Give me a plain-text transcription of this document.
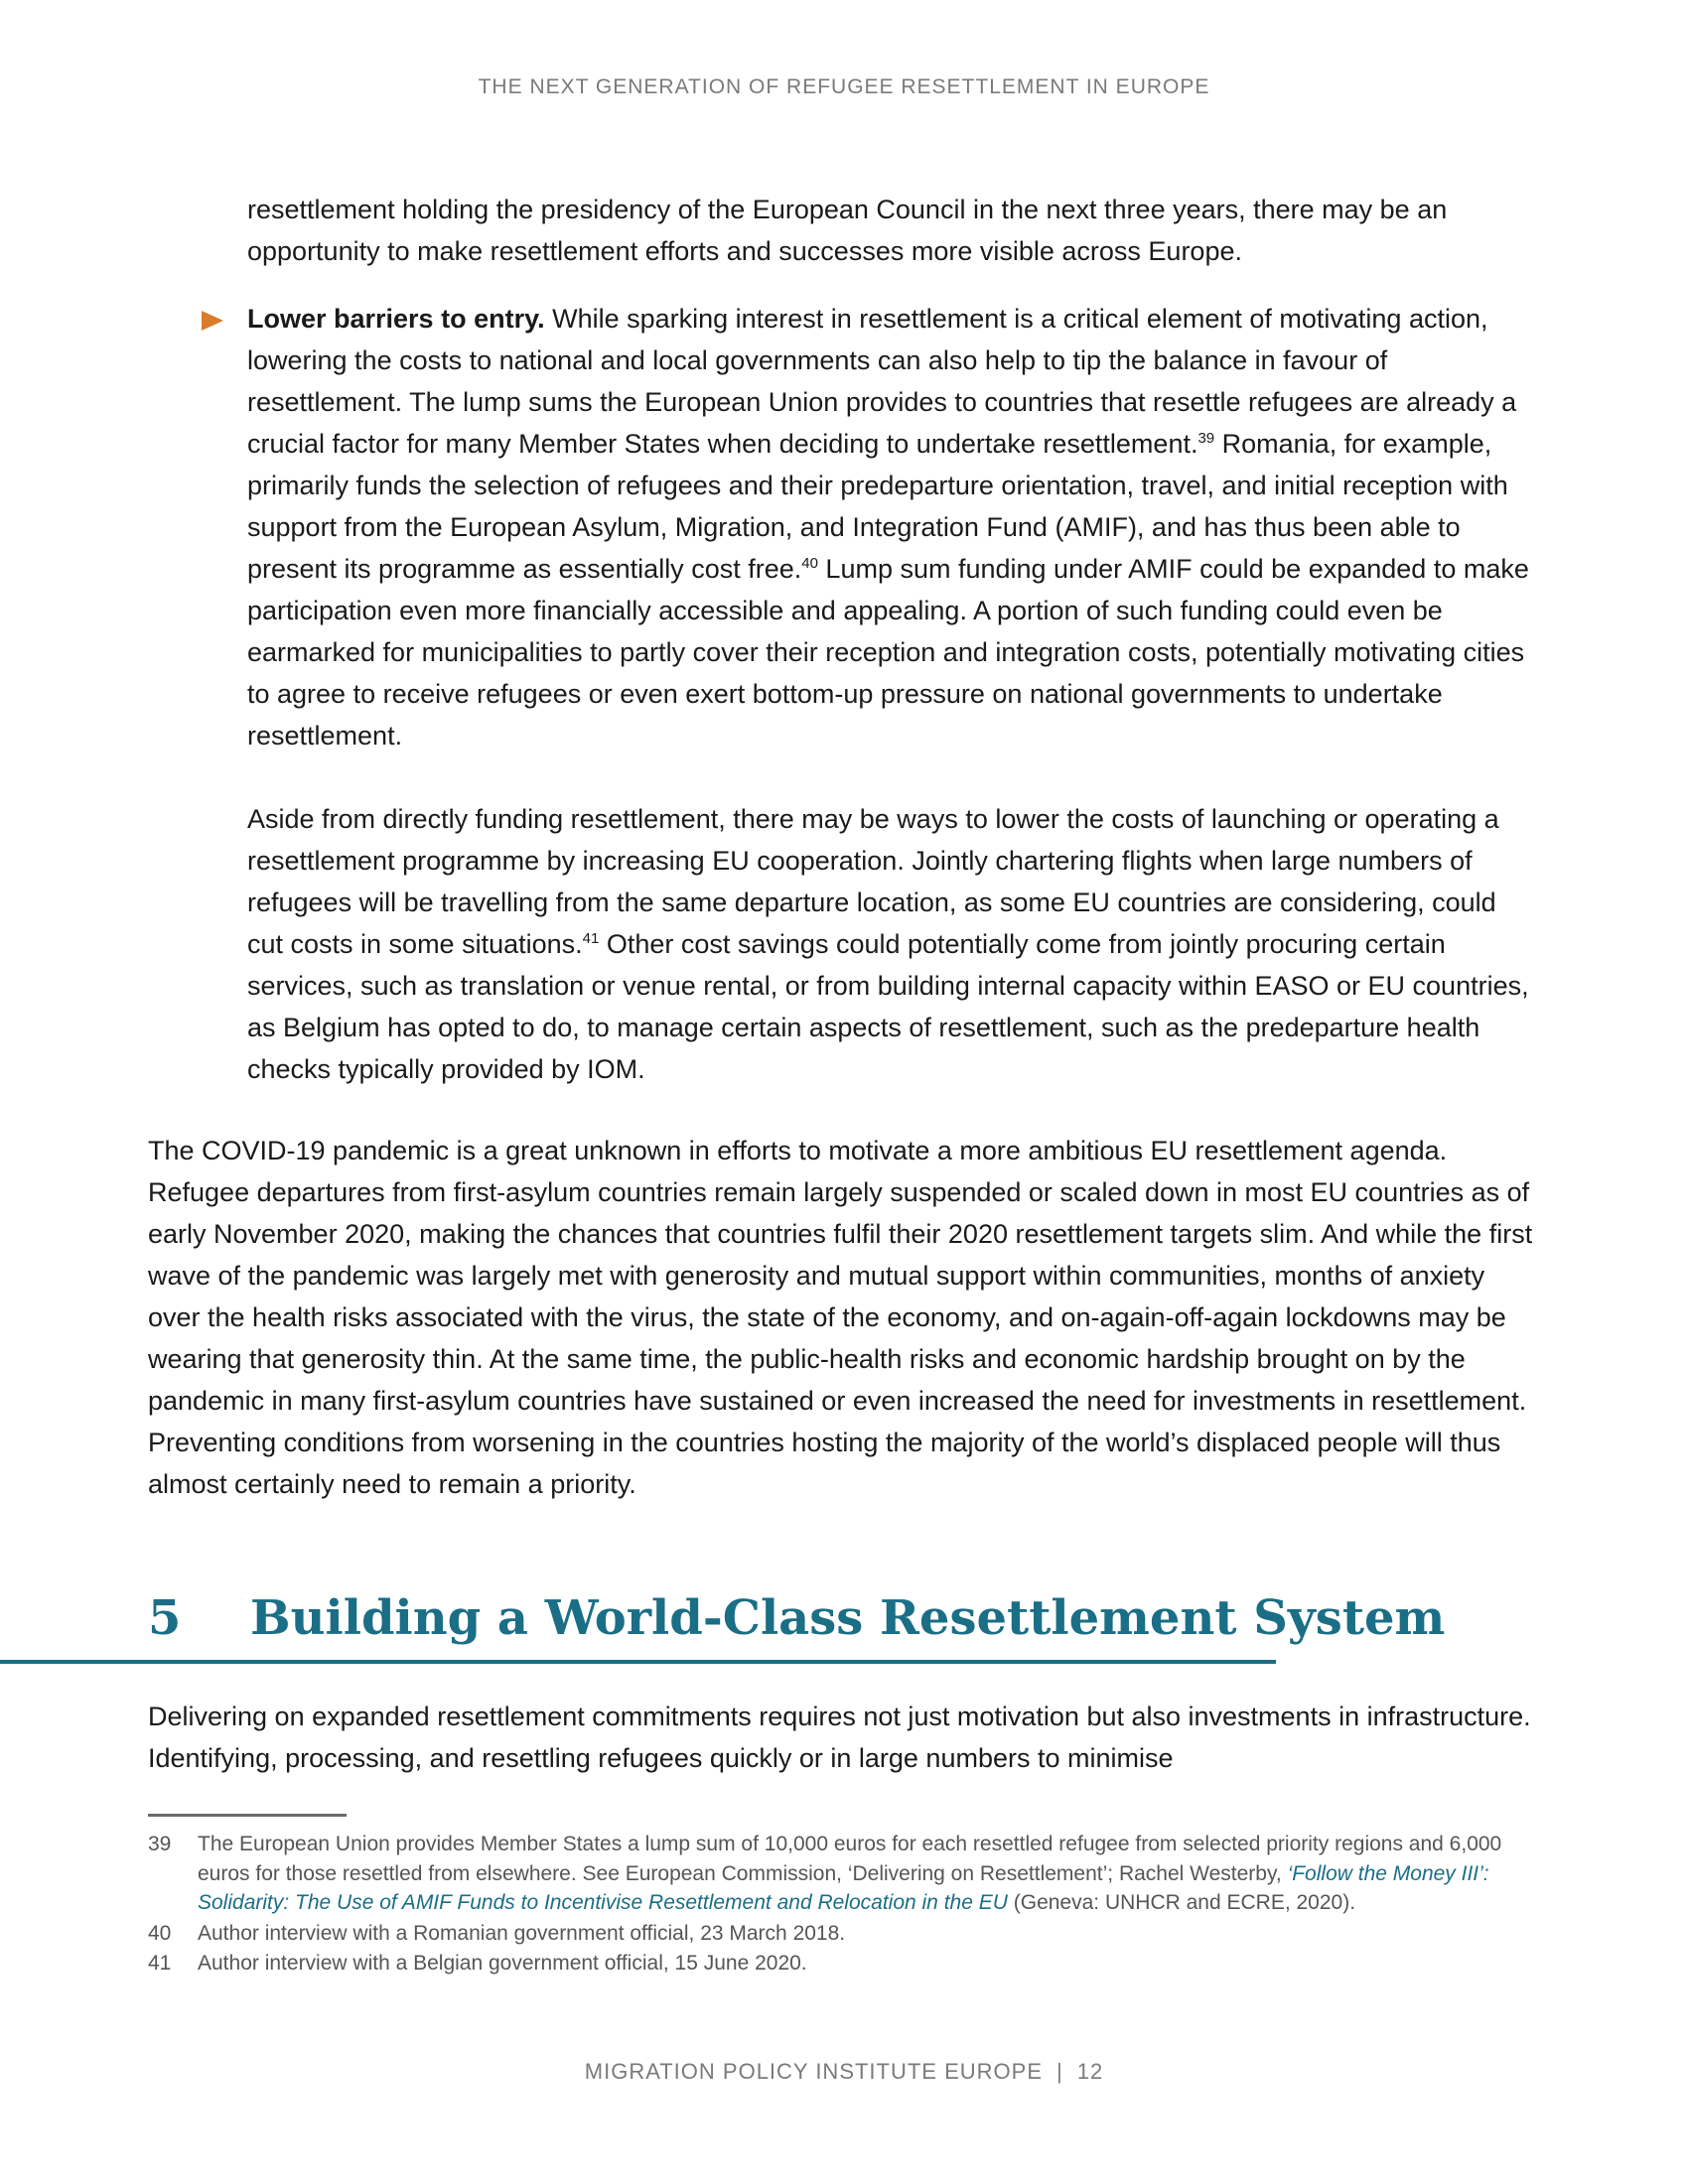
THE NEXT GENERATION OF REFUGEE RESETTLEMENT IN EUROPE

resettlement holding the presidency of the European Council in the next three years, there may be an opportunity to make resettlement efforts and successes more visible across Europe.

Lower barriers to entry. While sparking interest in resettlement is a critical element of motivating action, lowering the costs to national and local governments can also help to tip the balance in favour of resettlement. The lump sums the European Union provides to countries that resettle refugees are already a crucial factor for many Member States when deciding to undertake resettlement.$^{39}$ Romania, for example, primarily funds the selection of refugees and their predeparture orientation, travel, and initial reception with support from the European Asylum, Migration, and Integration Fund (AMIF), and has thus been able to present its programme as essentially cost free.$^{40}$ Lump sum funding under AMIF could be expanded to make participation even more financially accessible and appealing. A portion of such funding could even be earmarked for municipalities to partly cover their reception and integration costs, potentially motivating cities to agree to receive refugees or even exert bottom-up pressure on national governments to undertake resettlement.

Aside from directly funding resettlement, there may be ways to lower the costs of launching or operating a resettlement programme by increasing EU cooperation. Jointly chartering flights when large numbers of refugees will be travelling from the same departure location, as some EU countries are considering, could cut costs in some situations.$^{41}$ Other cost savings could potentially come from jointly procuring certain services, such as translation or venue rental, or from building internal capacity within EASO or EU countries, as Belgium has opted to do, to manage certain aspects of resettlement, such as the predeparture health checks typically provided by IOM.

The COVID-19 pandemic is a great unknown in efforts to motivate a more ambitious EU resettlement agenda. Refugee departures from first-asylum countries remain largely suspended or scaled down in most EU countries as of early November 2020, making the chances that countries fulfil their 2020 resettlement targets slim. And while the first wave of the pandemic was largely met with generosity and mutual support within communities, months of anxiety over the health risks associated with the virus, the state of the economy, and on-again-off-again lockdowns may be wearing that generosity thin. At the same time, the public-health risks and economic hardship brought on by the pandemic in many first-asylum countries have sustained or even increased the need for investments in resettlement. Preventing conditions from worsening in the countries hosting the majority of the world’s displaced people will thus almost certainly need to remain a priority.

5 Building a World-Class Resettlement System

Delivering on expanded resettlement commitments requires not just motivation but also investments in infrastructure. Identifying, processing, and resettling refugees quickly or in large numbers to minimise

39	The European Union provides Member States a lump sum of 10,000 euros for each resettled refugee from selected priority regions and 6,000 euros for those resettled from elsewhere. See European Commission, ‘Delivering on Resettlement’; Rachel Westerby, ‘Follow the Money III’: Solidarity: The Use of AMIF Funds to Incentivise Resettlement and Relocation in the EU (Geneva: UNHCR and ECRE, 2020).
40	Author interview with a Romanian government official, 23 March 2018.
41	Author interview with a Belgian government official, 15 June 2020.
MIGRATION POLICY INSTITUTE EUROPE | 12
